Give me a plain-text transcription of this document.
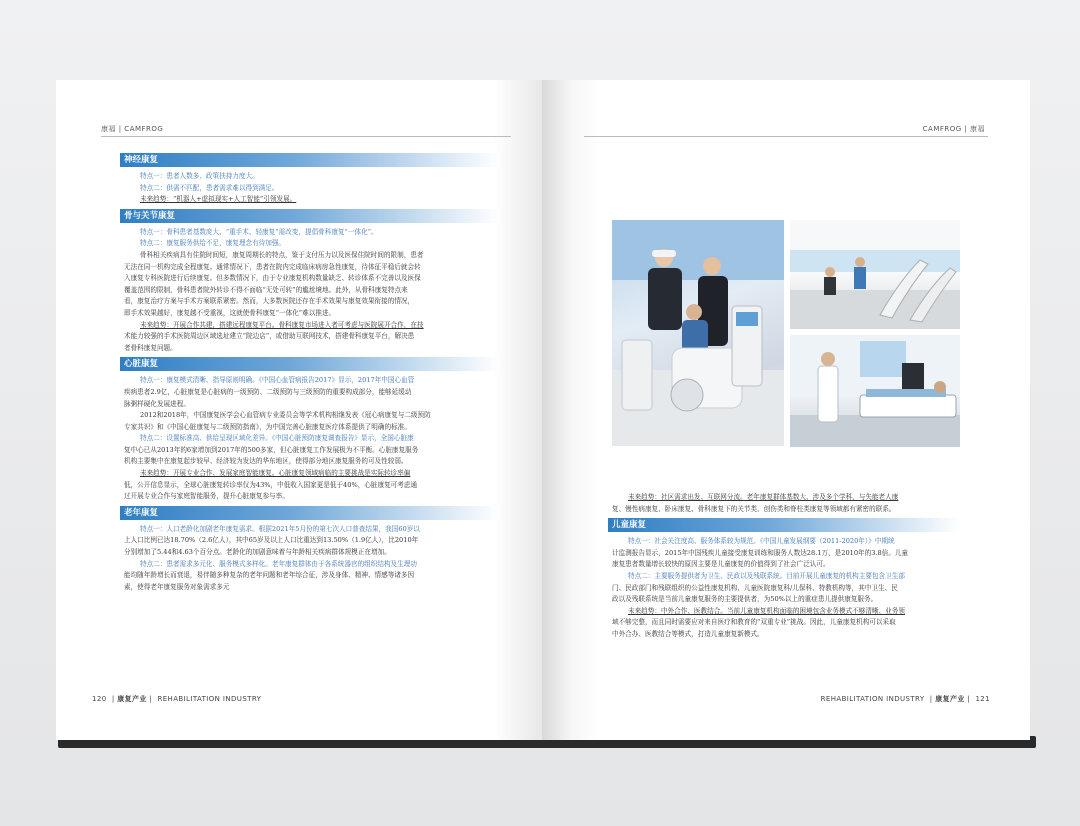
康福 | CAMFROG
神经康复
特点一：患者人数多、政策扶持力度大。
特点二：供需不匹配，患者需求难以得到满足。
未来趋势：“机器人+虚拟现实+人工智能”引领发展。
骨与关节康复
特点一：骨科患者基数庞大、“重手术、轻康复”需改变，提倡骨科康复“一体化”。
特点二：康复服务供给不足，康复理念有待加强。
骨科相关疾病具有住院时间短，康复周期长的特点，鉴于支付压力以及医保住院时间的限制，患者
无法在同一机构完成全程康复。通常情况下，患者在院内完成临床病房急性康复，待体征平稳后就会转
入康复专科医院进行后续康复。但多数情况下，由于专业康复机构数量缺乏、转诊体系不完善以及医保
覆盖范围的限制，骨科患者院外转诊不得不面临“无处可转”的尴尬境地。此外，从骨科康复特点来
看，康复治疗方案与手术方案联系紧密。然而，大多数医院还存在手术效果与康复效果衔接的情况，
即手术效果越好，康复越不受重视，这就使骨科康复“一体化”难以推进。
未来趋势：开展合作共建，搭建远程康复平台。骨科康复市场进入者可考虑与医院展开合作，在技
术能力较强的手术医院周边区域选址建立“院边店”，或借助互联网技术，搭建骨科康复平台，解决患
者骨科康复问题。
心脏康复
特点一：康复模式清晰、指导原则明确。《中国心血管病报告2017》显示，2017年中国心血管
疾病患者2.9亿，心脏康复是心脏病的一级预防、二级预防与三级预防的重要构成部分，能够延缓动
脉粥样硬化发展进程。
2012和2018年，中国康复医学会心血管病专业委员会等学术机构相继发表《冠心病康复与二级预防
专家共识》和《中国心脏康复与二级预防指南》，为中国完善心脏康复医疗体系提供了明确的标准。
特点二：设置标准高、供给呈现区域化差异。《中国心脏预防康复调查报告》显示，全国心脏康
复中心已从2013年的6家增加到2017年的500多家，但心脏康复工作发展极为不平衡。心脏康复服务
机构主要集中在康复起步较早、经济较为发达的华东地区，使得部分地区康复服务的可及性较弱。
未来趋势：开展专业合作、发展家庭智能康复。心脏康复领域病临的主要挑战是实际转诊率偏
低，公开信息显示，全球心脏康复转诊率仅为43%，中低收入国家更是低于40%，心脏康复可考虑通
过开展专业合作与家庭智能服务，提升心脏康复参与率。
老年康复
特点一：人口老龄化加剧老年康复需求。根据2021年5月份的第七次人口普查结果，我国60岁以
上人口比例已达18.70%（2.6亿人），其中65岁及以上人口比重达到13.50%（1.9亿人），比2010年
分别增加了5.44和4.63个百分点。老龄化的加剧意味着与年龄相关疾病群体规模正在增加。
特点二：患者需求多元化、服务模式多样化。老年康复群体由于各系统器官的组织结构及生理功
能均随年龄增长而衰退，易伴随多种复杂的老年问题和老年综合征，涉及身体、精神、情感等诸多因
素，使得老年康复服务对象需求多元
120  | 康复产业 |  REHABILITATION INDUSTRY
CAMFROG | 康福
未来趋势：社区需求出发、互联网分流。老年康复群体基数大、涉及多个学科，与失能老人康
复、慢性病康复、卧床康复、骨科康复下的关节类、创伤类和脊柱类康复等领域都有紧密的联系。
儿童康复
特点一：社会关注度高、服务体系较为规范。《中国儿童发展纲要（2011-2020年）》中期统
计监测报告显示，2015年中国残疾儿童接受康复训练和服务人数达28.1万，是2010年的3.8倍。儿童
康复患者数量增长较快的原因主要是儿童康复的价值得到了社会广泛认可。
特点二：主要服务提供者为卫生、民政以及残联系统。目前开展儿童康复的机构主要包含卫生部
门、民政部门和残联组织的公益性康复机构、儿童医院康复科/儿保科、特教机构等，其中卫生、民
政以及残联系统是当前儿童康复服务的主要提供者，为50%以上的重症患儿提供康复服务。
未来趋势：中外合作、医教结合。当前儿童康复机构面临的困境包含业务模式不够清晰、业务领
域不够完整，而且同时需要应对来自医疗和教育的“双重专业”挑战。因此，儿童康复机构可以采取
中外合办、医教结合等模式，打造儿童康复新模式。
REHABILITATION INDUSTRY  | 康复产业 |  121
